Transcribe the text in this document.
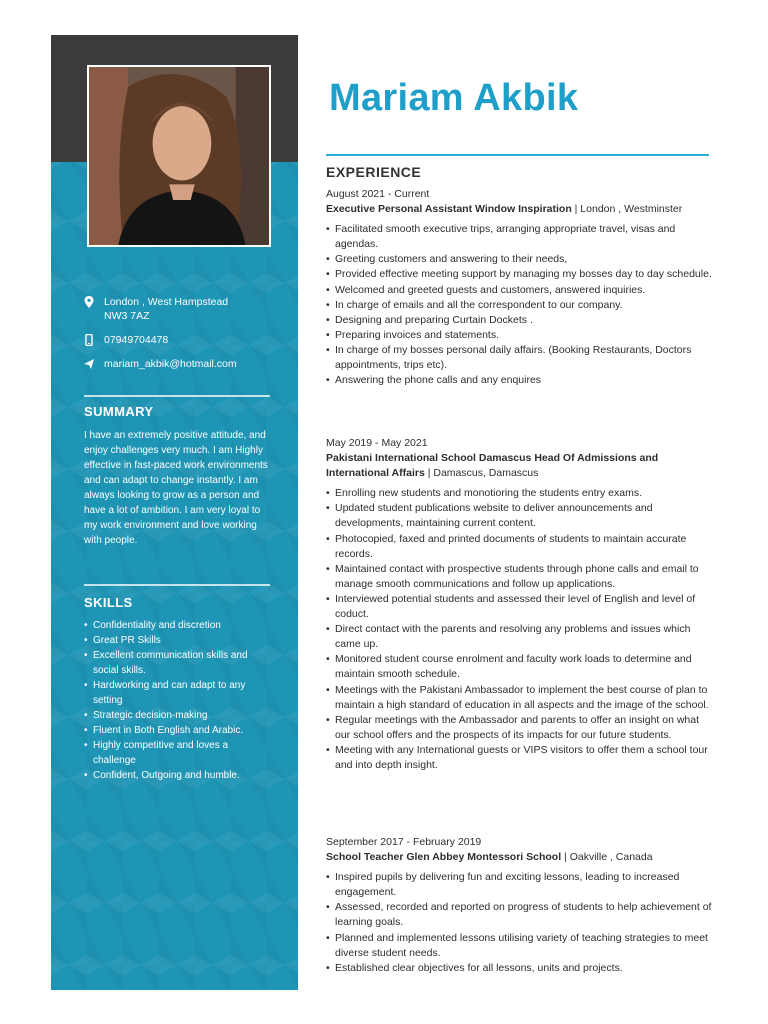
London , West Hampstead
NW3 7AZ
07949704478
mariam_akbik@hotmail.com
SUMMARY

I have an extremely positive attitude, and enjoy challenges very much. I am Highly effective in fast-paced work environments and can adapt to change instantly. I am always looking to grow as a person and have a lot of ambition. I am very loyal to my work environment and love working with people.

SKILLS
• Confidentiality and discretion
• Great PR Skills
• Excellent communication skills and social skills.
• Hardworking and can adapt to any setting
• Strategic decision-making
• Fluent in Both English and Arabic.
• Highly competitive and loves a challenge
• Confident, Outgoing and humble.
Mariam Akbik
EXPERIENCE
August 2021 - Current
Executive Personal Assistant Window Inspiration | London , Westminster
• Facilitated smooth executive trips, arranging appropriate travel, visas and agendas.
• Greeting customers and answering to their needs,
• Provided effective meeting support by managing my bosses day to day schedule.
• Welcomed and greeted guests and customers, answered inquiries.
• In charge of emails and all the correspondent to our company.
• Designing and preparing Curtain Dockets .
• Preparing invoices and statements.
• In charge of my bosses personal daily affairs. (Booking Restaurants, Doctors appointments, trips etc).
• Answering the phone calls and any enquires
May 2019 - May 2021
Pakistani International School Damascus Head Of Admissions and International Affairs | Damascus, Damascus
• Enrolling new students and monotioring the students entry exams.
• Updated student publications website to deliver announcements and developments, maintaining current content.
• Photocopied, faxed and printed documents of students to maintain accurate records.
• Maintained contact with prospective students through phone calls and email to manage smooth communications and follow up applications.
• Interviewed potential students and assessed their level of English and level of coduct.
• Direct contact with the parents and resolving any problems and issues which came up.
• Monitored student course enrolment and faculty work loads to determine and maintain smooth schedule.
• Meetings with the Pakistani Ambassador to implement the best course of plan to maintain a high standard of education in all aspects and the image of the school.
• Regular meetings with the Ambassador and parents to offer an insight on what our school offers and the prospects of its impacts for our future students.
• Meeting with any International guests or VIPS visitors to offer them a school tour and into depth insight.
September 2017 - February 2019
School Teacher Glen Abbey Montessori School | Oakville , Canada
• Inspired pupils by delivering fun and exciting lessons, leading to increased engagement.
• Assessed, recorded and reported on progress of students to help achievement of learning goals.
• Planned and implemented lessons utilising variety of teaching strategies to meet diverse student needs.
• Established clear objectives for all lessons, units and projects.
